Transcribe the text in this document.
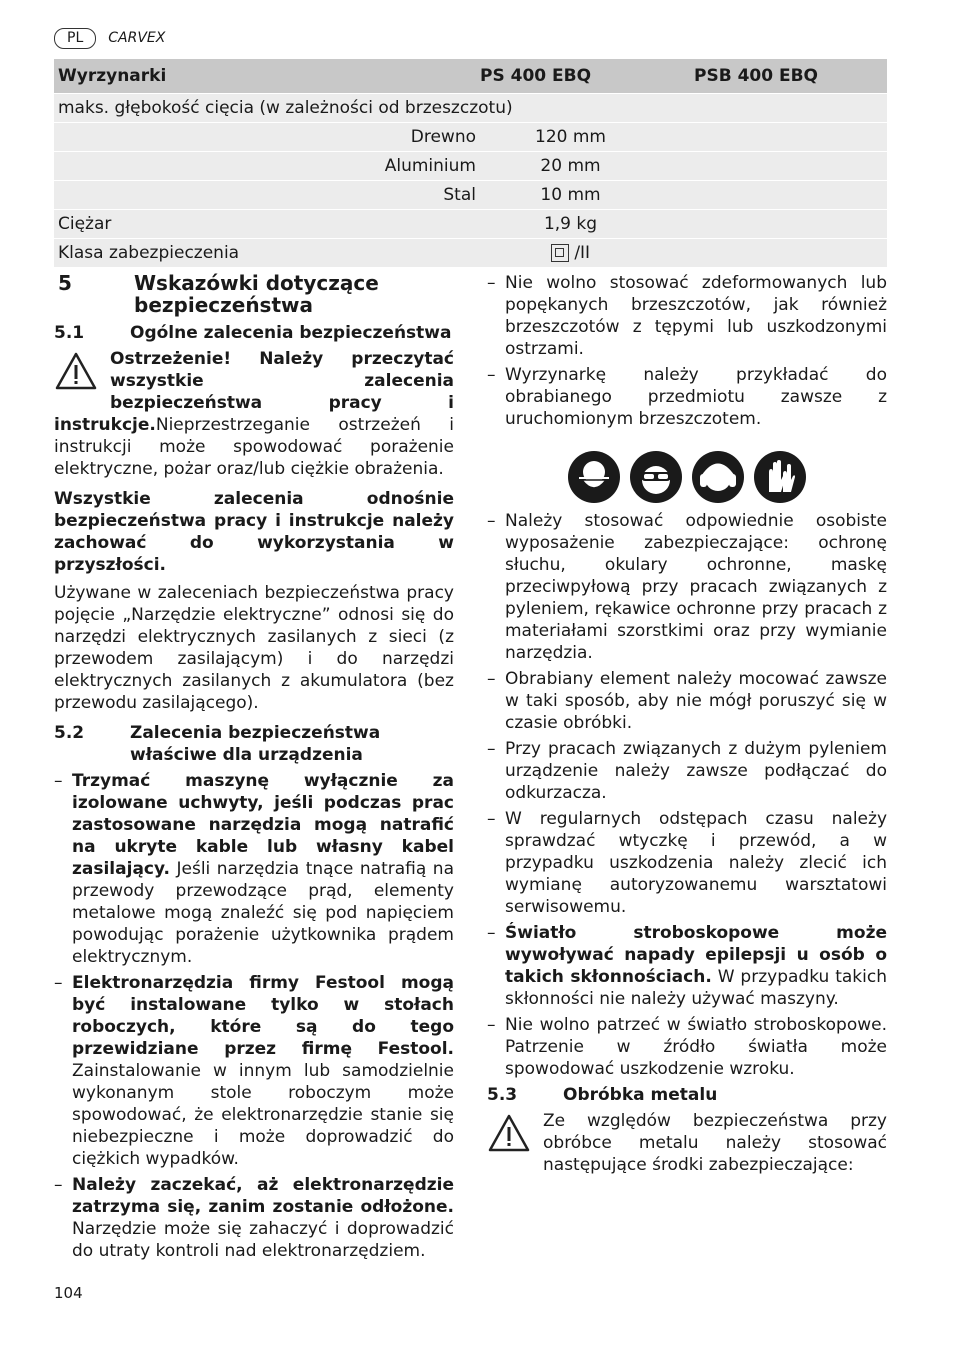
PL	CARVEX
Wyrzynarki	PS 400 EBQ	PSB 400 EBQ
maks. głębokość cięcia (w zależności od brzeszczotu)		
Drewno	120 mm	
Aluminium	20 mm	
Stal	10 mm	
Ciężar	1,9 kg	
Klasa zabezpieczenia	/II	
5	Wskazówki dotyczące bezpieczeństwa
5.1	Ogólne zalecenia bezpieczeństwa
Ostrzeżenie! Należy przeczytać wszystkie zalecenia bezpieczeństwa pracy i instrukcje.Nieprzestrzeganie ostrzeżeń i instrukcji może spowodować porażenie elektryczne, pożar oraz/lub ciężkie obrażenia.

Wszystkie zalecenia odnośnie bezpieczeństwa pracy i instrukcje należy zachować do wykorzystania w przyszłości.

Używane w zaleceniach bezpieczeństwa pracy pojęcie „Narzędzie elektryczne” odnosi się do narzędzi elektrycznych zasilanych z sieci (z przewodem zasilającym) i do narzędzi elektrycznych zasilanych z akumulatora (bez przewodu zasilającego).

5.2	Zalecenia bezpieczeństwa właściwe dla urządzenia
– Trzymać maszynę wyłącznie za izolowane uchwyty, jeśli podczas prac zastosowane narzędzia mogą natrafić na ukryte kable lub własny kabel zasilający. Jeśli narzędzia tnące natrafią na przewody przewodzące prąd, elementy metalowe mogą znaleźć się pod napięciem powodując porażenie użytkownika prądem elektrycznym.
– Elektronarzędzia firmy Festool mogą być instalowane tylko w stołach roboczych, które są do tego przewidziane przez firmę Festool. Zainstalowanie w innym lub samodzielnie wykonanym stole roboczym może spowodować, że elektronarzędzie stanie się niebezpieczne i może doprowadzić do ciężkich wypadków.
– Należy zaczekać, aż elektronarzędzie zatrzyma się, zanim zostanie odłożone. Narzędzie może się zahaczyć i doprowadzić do utraty kontroli nad elektronarzędziem.
– Nie wolno stosować zdeformowanych lub popękanych brzeszczotów, jak również brzeszczotów z tępymi lub uszkodzonymi ostrzami.
– Wyrzynarkę należy przykładać do obrabianego przedmiotu zawsze z uruchomionym brzeszczotem.
– Należy stosować odpowiednie osobiste wyposażenie zabezpieczające: ochronę słuchu, okulary ochronne, maskę przeciwpyłową przy pracach związanych z pyleniem, rękawice ochronne przy pracach z materiałami szorstkimi oraz przy wymianie narzędzia.
– Obrabiany element należy mocować zawsze w taki sposób, aby nie mógł poruszyć się w czasie obróbki.
– Przy pracach związanych z dużym pyleniem urządzenie należy zawsze podłączać do odkurzacza.
– W regularnych odstępach czasu należy sprawdzać wtyczkę i przewód, a w przypadku uszkodzenia należy zlecić ich wymianę autoryzowanemu warsztatowi serwisowemu.
– Światło stroboskopowe może wywoływać napady epilepsji u osób o takich skłonnościach. W przypadku takich skłonności nie należy używać maszyny.
– Nie wolno patrzeć w światło stroboskopowe. Patrzenie w źródło światła może spowodować uszkodzenie wzroku.
5.3	Obróbka metalu
Ze względów bezpieczeństwa przy obróbce metalu należy stosować następujące środki zabezpieczające:
104
